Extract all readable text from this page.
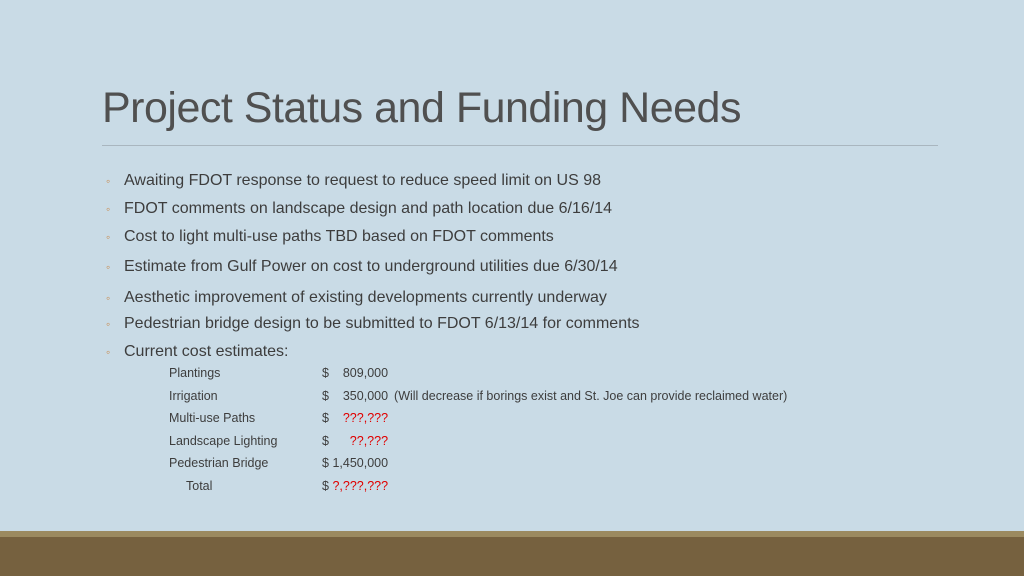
Project Status and Funding Needs
◦ Awaiting FDOT response to request to reduce speed limit on US 98
◦ FDOT comments on landscape design and path location due 6/16/14
◦ Cost to light multi-use paths TBD based on FDOT comments
◦ Estimate from Gulf Power on cost to underground utilities due 6/30/14
◦ Aesthetic improvement of existing developments currently underway
◦ Pedestrian bridge design to be submitted to FDOT 6/13/14 for comments
◦ Current cost estimates:
Plantings	$ 809,000
Irrigation	$ 350,000 (Will decrease if borings exist and St. Joe can provide reclaimed water)
Multi-use Paths	$ ???,???
Landscape Lighting	$ ??,???
Pedestrian Bridge	$ 1,450,000
Total	$ ?,???,???
